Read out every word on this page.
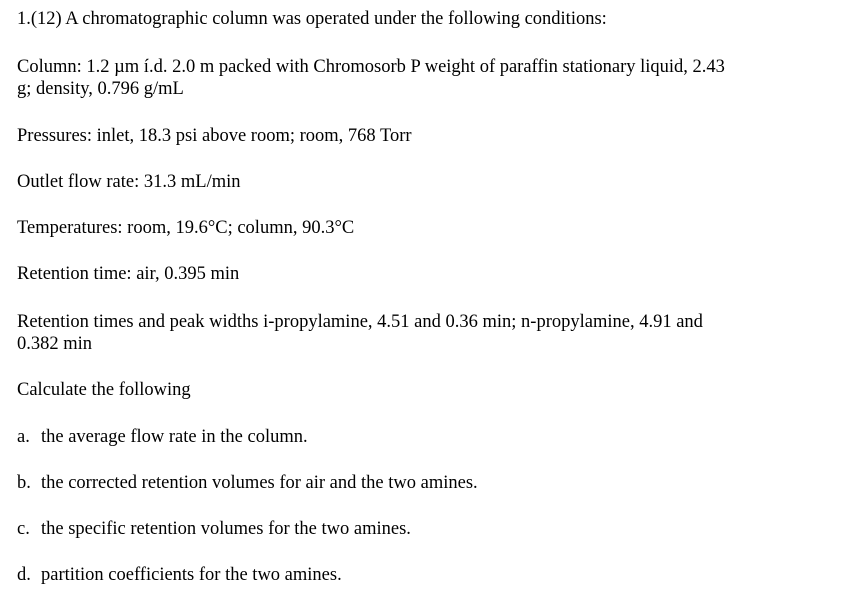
1.(12) A chromatographic column was operated under the following conditions:
Column: 1.2 µm í.d. 2.0 m packed with Chromosorb P weight of paraffin stationary liquid, 2.43
g; density, 0.796 g/mL
Pressures: inlet, 18.3 psi above room; room, 768 Torr
Outlet flow rate: 31.3 mL/min
Temperatures: room, 19.6°C; column, 90.3°C
Retention time: air, 0.395 min
Retention times and peak widths i-propylamine, 4.51 and 0.36 min; n-propylamine, 4.91 and
0.382 min
Calculate the following
a. the average flow rate in the column.
b. the corrected retention volumes for air and the two amines.
c. the specific retention volumes for the two amines.
d. partition coefficients for the two amines.
